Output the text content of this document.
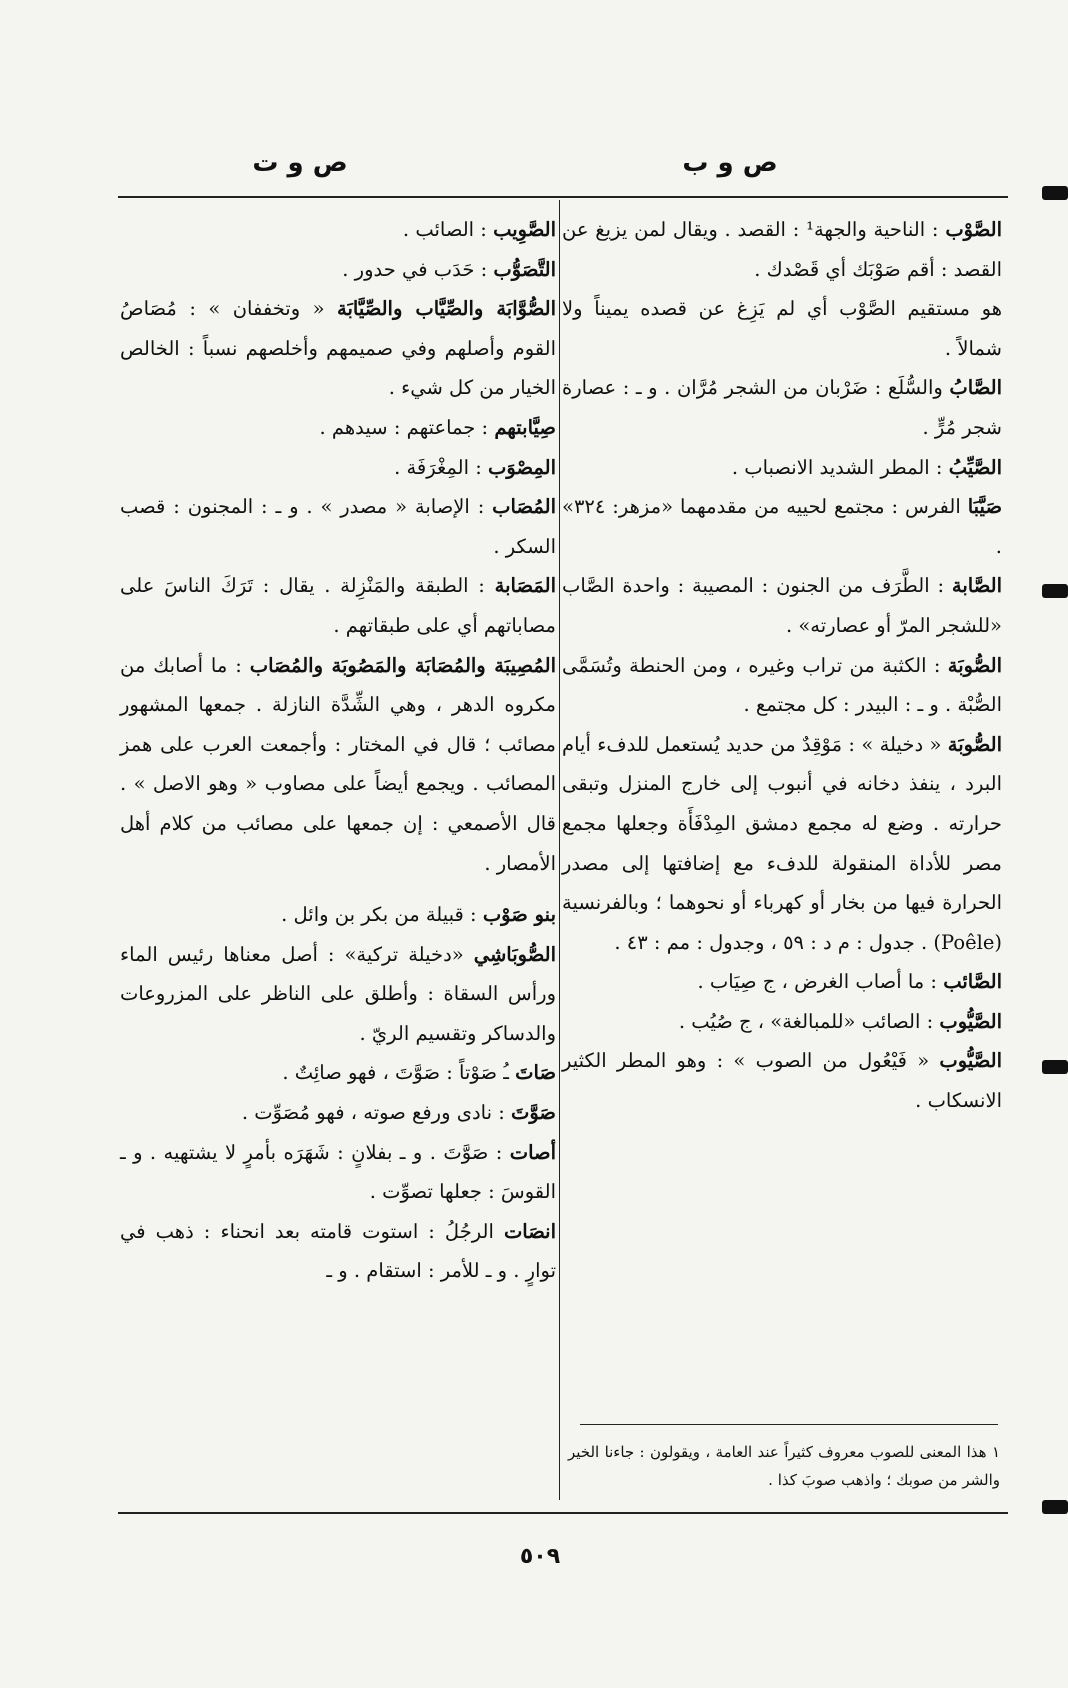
ص و ب
ص و ت

الصَّوْب : الناحية والجهة¹ : القصد . ويقال لمن يزيغ عن القصد : أقم صَوْبَك أي قَصْدك .

هو مستقيم الصَّوْب أي لم يَزِغ عن قصده يميناً ولا شمالاً .

الصَّابُ والسُّلَع : ضَرْبان من الشجر مُرَّان . و ـ : عصارة شجر مُرٍّ .

الصَّيِّبُ : المطر الشديد الانصباب .

صَيَّبَا الفرس : مجتمع لحييه من مقدمهما «مزهر: ٣٢٤» .

الصَّابة : الطَّرَف من الجنون : المصيبة : واحدة الصَّاب «للشجر المرّ أو عصارته» .

الصُّوبَة : الكثبة من تراب وغيره ، ومن الحنطة وتُسَمَّى الصُّبْة . و ـ : البيدر : كل مجتمع .

الصُّوبَة « دخيلة » : مَوْقِدٌ من حديد يُستعمل للدفء أيام البرد ، ينفذ دخانه في أنبوب إلى خارج المنزل وتبقى حرارته . وضع له مجمع دمشق المِدْفَأَة وجعلها مجمع مصر للأداة المنقولة للدفء مع إضافتها إلى مصدر الحرارة فيها من بخار أو كهرباء أو نحوهما ؛ وبالفرنسية (Poêle) . جدول : م د : ٥٩ ، وجدول : مم : ٤٣ .

الصَّائب : ما أصاب الغرض ، ج صِيَاب .

الصَّيُّوب : الصائب «للمبالغة» ، ج صُيُب .

الصَّيُّوب « فَيْعُول من الصوب » : وهو المطر الكثير الانسكاب .

الصَّوِيب : الصائب .

التَّصَوُّب : حَدَب في حدور .

الصُّوَّابَة والصِّيَّاب والصِّيَّابَة « وتخففان » : مُصَاصُ القوم وأصلهم وفي صميمهم وأخلصهم نسباً : الخالص الخيار من كل شيء .

صِيَّابتهم : جماعتهم : سيدهم .

المِصْوَب : المِغْرَفَة .

المُصَاب : الإصابة « مصدر » . و ـ : المجنون : قصب السكر .

المَصَابة : الطبقة والمَنْزِلة . يقال : تَرَكَ الناسَ على مصاباتهم أي على طبقاتهم .

المُصِيبَة والمُصَابَة والمَصُوبَة والمُصَاب : ما أصابك من مكروه الدهر ، وهي الشِّدَّة النازلة . جمعها المشهور مصائب ؛ قال في المختار : وأجمعت العرب على همز المصائب . ويجمع أيضاً على مصاوب « وهو الاصل » . قال الأصمعي : إن جمعها على مصائب من كلام أهل الأمصار .

بنو صَوْب : قبيلة من بكر بن وائل .

الصُّوبَاشِي «دخيلة تركية» : أصل معناها رئيس الماء ورأس السقاة : وأطلق على الناظر على المزروعات والدساكر وتقسيم الريّ .

صَاتَ ـُ صَوْتاً : صَوَّتَ ، فهو صائِتٌ .

صَوَّتَ : نادى ورفع صوته ، فهو مُصَوِّت .

أصات : صَوَّتَ . و ـ بفلانٍ : شَهَرَه بأمرٍ لا يشتهيه . و ـ القوسَ : جعلها تصوِّت .

انصَات الرجُلُ : استوت قامته بعد انحناء : ذهب في توارٍ . و ـ للأمر : استقام . و ـ

١ هذا المعنى للصوب معروف كثيراً عند العامة ، ويقولون : جاءنا الخير والشر من صوبك ؛ واذهب صوبَ كذا .
٥٠٩
